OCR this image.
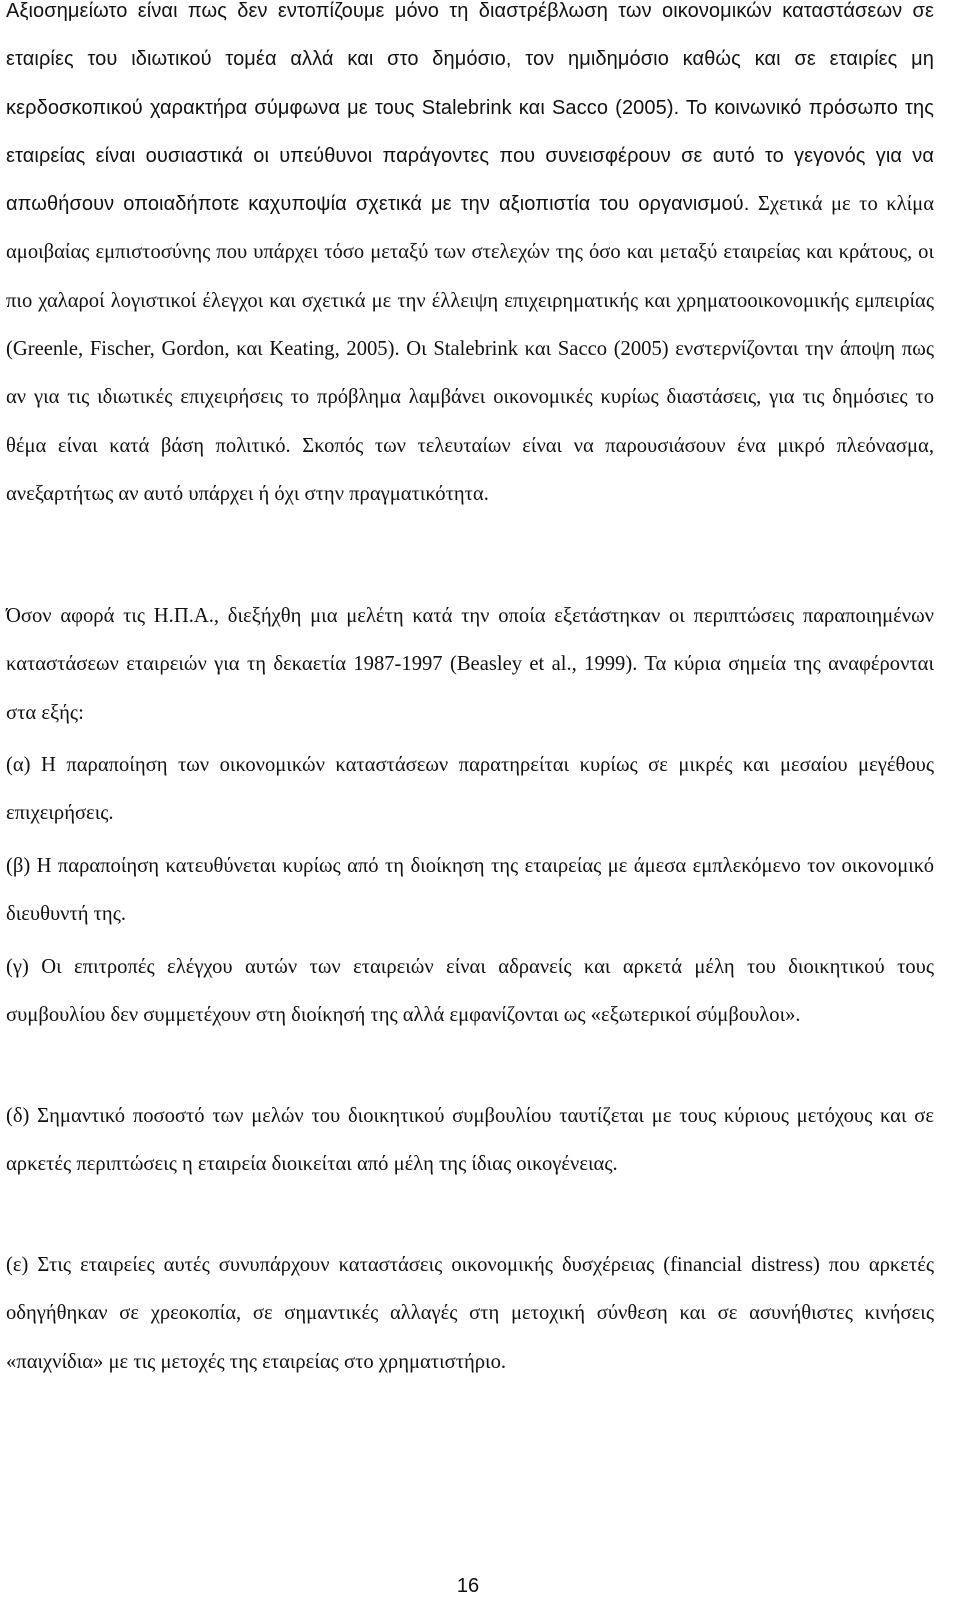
Αξιοσημείωτο είναι πως δεν εντοπίζουμε μόνο τη διαστρέβλωση των οικονομικών καταστάσεων σε εταιρίες του ιδιωτικού τομέα αλλά και στο δημόσιο, τον ημιδημόσιο καθώς και σε εταιρίες μη κερδοσκοπικού χαρακτήρα σύμφωνα με τους Stalebrink και Sacco (2005). Το κοινωνικό πρόσωπο της εταιρείας είναι ουσιαστικά οι υπεύθυνοι παράγοντες που συνεισφέρουν σε αυτό το γεγονός για να απωθήσουν οποιαδήποτε καχυποψία σχετικά με την αξιοπιστία του οργανισμού. Σχετικά με το κλίμα αμοιβαίας εμπιστοσύνης που υπάρχει τόσο μεταξύ των στελεχών της όσο και μεταξύ εταιρείας και κράτους, οι πιο χαλαροί λογιστικοί έλεγχοι και σχετικά με την έλλειψη επιχειρηματικής και χρηματοοικονομικής εμπειρίας (Greenle, Fischer, Gordon, και Keating, 2005). Οι Stalebrink και Sacco (2005) ενστερνίζονται την άποψη πως αν για τις ιδιωτικές επιχειρήσεις το πρόβλημα λαμβάνει οικονομικές κυρίως διαστάσεις, για τις δημόσιες το θέμα είναι κατά βάση πολιτικό. Σκοπός των τελευταίων είναι να παρουσιάσουν ένα μικρό πλεόνασμα, ανεξαρτήτως αν αυτό υπάρχει ή όχι στην πραγματικότητα.

Όσον αφορά τις Η.Π.Α., διεξήχθη μια μελέτη κατά την οποία εξετάστηκαν οι περιπτώσεις παραποιημένων καταστάσεων εταιρειών για τη δεκαετία 1987-1997 (Beasley et al., 1999). Τα κύρια σημεία της αναφέρονται στα εξής:

(α) Η παραποίηση των οικονομικών καταστάσεων παρατηρείται κυρίως σε μικρές και μεσαίου μεγέθους επιχειρήσεις.

(β) Η παραποίηση κατευθύνεται κυρίως από τη διοίκηση της εταιρείας με άμεσα εμπλεκόμενο τον οικονομικό διευθυντή της.

(γ) Οι επιτροπές ελέγχου αυτών των εταιρειών είναι αδρανείς και αρκετά μέλη του διοικητικού τους συμβουλίου δεν συμμετέχουν στη διοίκησή της αλλά εμφανίζονται ως «εξωτερικοί σύμβουλοι».

(δ) Σημαντικό ποσοστό των μελών του διοικητικού συμβουλίου ταυτίζεται με τους κύριους μετόχους και σε αρκετές περιπτώσεις η εταιρεία διοικείται από μέλη της ίδιας οικογένειας.

(ε) Στις εταιρείες αυτές συνυπάρχουν καταστάσεις οικονομικής δυσχέρειας (financial distress) που αρκετές οδηγήθηκαν σε χρεοκοπία, σε σημαντικές αλλαγές στη μετοχική σύνθεση και σε ασυνήθιστες κινήσεις «παιχνίδια» με τις μετοχές της εταιρείας στο χρηματιστήριο.

16
